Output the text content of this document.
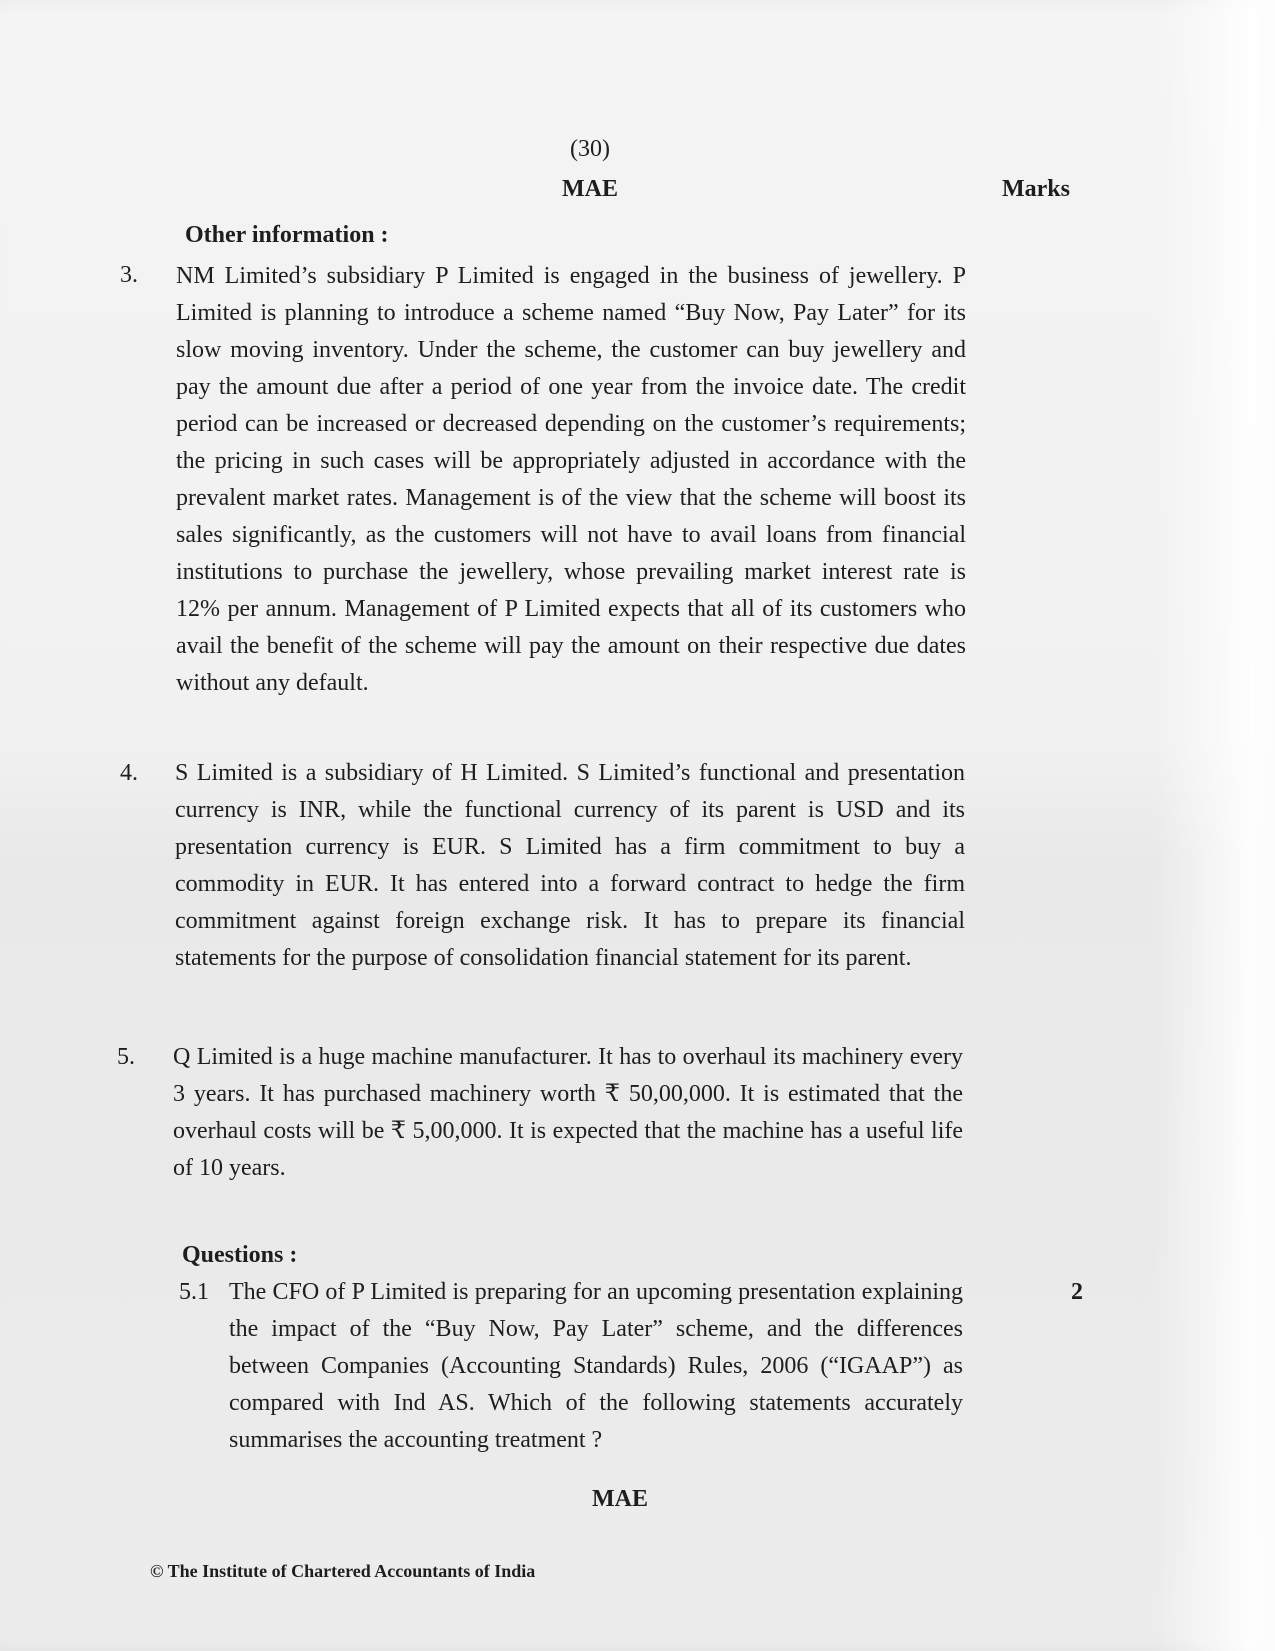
(30)
MAE	Marks
Other information :
3. NM Limited’s subsidiary P Limited is engaged in the business of jewellery. P Limited is planning to introduce a scheme named “Buy Now, Pay Later” for its slow moving inventory. Under the scheme, the customer can buy jewellery and pay the amount due after a period of one year from the invoice date. The credit period can be increased or decreased depending on the customer’s requirements; the pricing in such cases will be appropriately adjusted in accordance with the prevalent market rates. Management is of the view that the scheme will boost its sales significantly, as the customers will not have to avail loans from financial institutions to purchase the jewellery, whose prevailing market interest rate is 12% per annum. Management of P Limited expects that all of its customers who avail the benefit of the scheme will pay the amount on their respective due dates without any default.

4. S Limited is a subsidiary of H Limited. S Limited’s functional and presentation currency is INR, while the functional currency of its parent is USD and its presentation currency is EUR. S Limited has a firm commitment to buy a commodity in EUR. It has entered into a forward contract to hedge the firm commitment against foreign exchange risk. It has to prepare its financial statements for the purpose of consolidation financial statement for its parent.

5. Q Limited is a huge machine manufacturer. It has to overhaul its machinery every 3 years. It has purchased machinery worth ₹ 50,00,000. It is estimated that the overhaul costs will be ₹ 5,00,000. It is expected that the machine has a useful life of 10 years.

Questions :
5.1 The CFO of P Limited is preparing for an upcoming presentation explaining the impact of the “Buy Now, Pay Later” scheme, and the differences between Companies (Accounting Standards) Rules, 2006 (“IGAAP”) as compared with Ind AS. Which of the following statements accurately summarises the accounting treatment ?

2
MAE
© The Institute of Chartered Accountants of India
